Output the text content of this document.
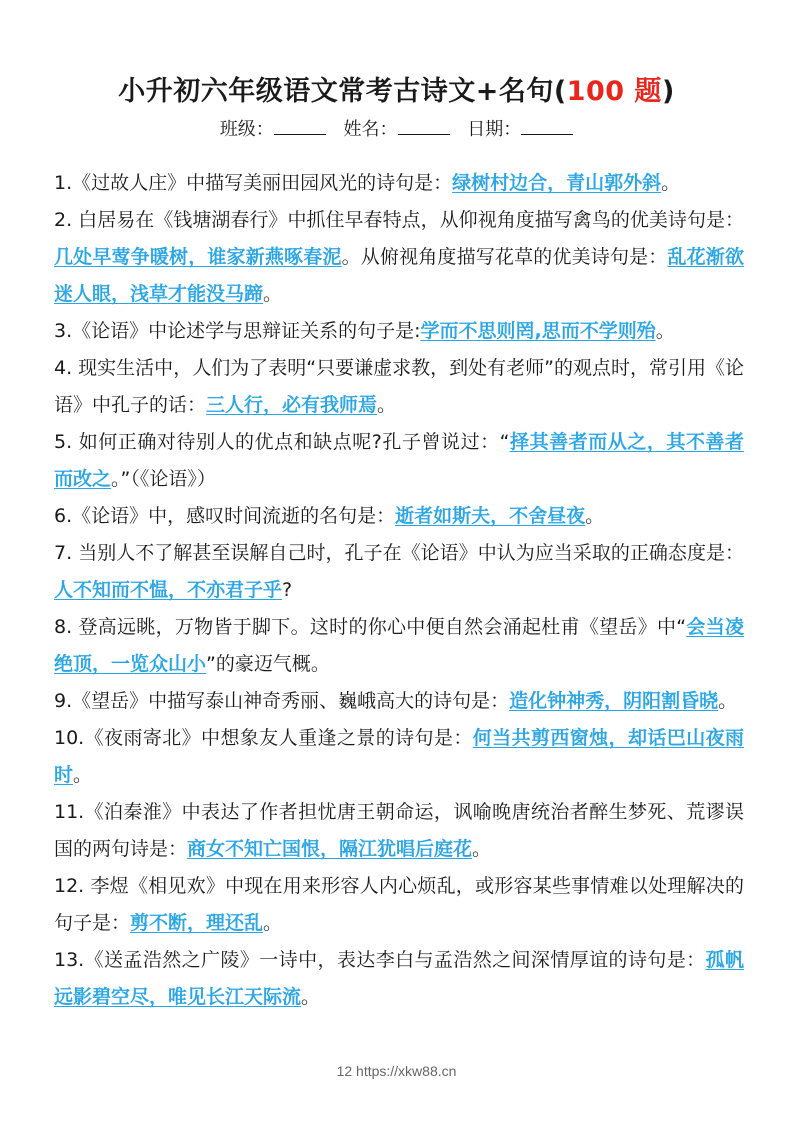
小升初六年级语文常考古诗文+名句(100 题)
班级：	姓名：	日期：

1.《过故人庄》中描写美丽田园风光的诗句是：绿树村边合，青山郭外斜。

2. 白居易在《钱塘湖春行》中抓住早春特点，从仰视角度描写禽鸟的优美诗句是：几处早莺争暖树，谁家新燕啄春泥。从俯视角度描写花草的优美诗句是：乱花渐欲迷人眼，浅草才能没马蹄。

3.《论语》中论述学与思辩证关系的句子是:学而不思则罔,思而不学则殆。

4. 现实生活中，人们为了表明“只要谦虚求教，到处有老师”的观点时，常引用《论语》中孔子的话：三人行，必有我师焉。

5. 如何正确对待别人的优点和缺点呢?孔子曾说过：“择其善者而从之，其不善者而改之。”（《论语》）

6.《论语》中，感叹时间流逝的名句是：逝者如斯夫，不舍昼夜。

7. 当别人不了解甚至误解自己时，孔子在《论语》中认为应当采取的正确态度是：人不知而不愠，不亦君子乎?

8. 登高远眺，万物皆于脚下。这时的你心中便自然会涌起杜甫《望岳》中“会当凌绝顶，一览众山小”的豪迈气概。

9.《望岳》中描写泰山神奇秀丽、巍峨高大的诗句是：造化钟神秀，阴阳割昏晓。

10.《夜雨寄北》中想象友人重逢之景的诗句是：何当共剪西窗烛，却话巴山夜雨时。

11.《泊秦淮》中表达了作者担忧唐王朝命运，讽喻晚唐统治者醉生梦死、荒谬误国的两句诗是：商女不知亡国恨，隔江犹唱后庭花。

12. 李煜《相见欢》中现在用来形容人内心烦乱，或形容某些事情难以处理解决的句子是：剪不断，理还乱。

13.《送孟浩然之广陵》一诗中，表达李白与孟浩然之间深情厚谊的诗句是：孤帆远影碧空尽，唯见长江天际流。

12 https://xkw88.cn
